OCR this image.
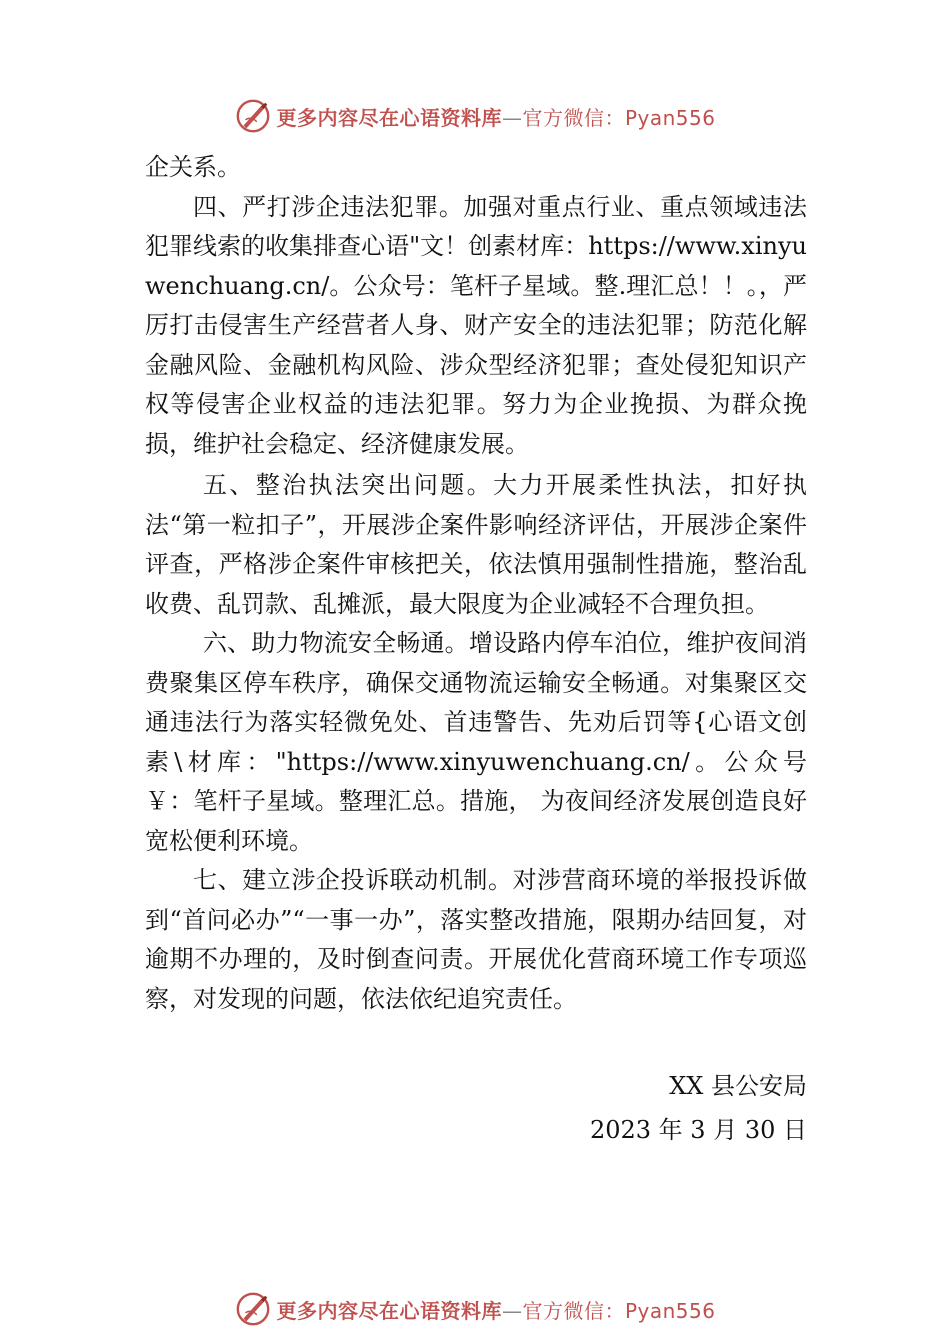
更多内容尽在心语资料库—官方微信：Pyan556

企关系。

四、严打涉企违法犯罪。加强对重点行业、重点领域违法犯罪线索的收集排查心语"文！创素材库：https://www.xinyuwenchuang.cn/。公众号：笔杆子星域。整.理汇总！！。，严厉打击侵害生产经营者人身、财产安全的违法犯罪；防范化解金融风险、金融机构风险、涉众型经济犯罪；查处侵犯知识产权等侵害企业权益的违法犯罪。努力为企业挽损、为群众挽损，维护社会稳定、经济健康发展。

五、整治执法突出问题。大力开展柔性执法，扣好执法“第一粒扣子”，开展涉企案件影响经济评估，开展涉企案件评查，严格涉企案件审核把关，依法慎用强制性措施，整治乱收费、乱罚款、乱摊派，最大限度为企业减轻不合理负担。

六、助力物流安全畅通。增设路内停车泊位，维护夜间消费聚集区停车秩序，确保交通物流运输安全畅通。对集聚区交通违法行为落实轻微免处、首违警告、先劝后罚等{心语文创素\材库："https://www.xinyuwenchuang.cn/。公众号￥：笔杆子星域。整理汇总。措施， 为夜间经济发展创造良好宽松便利环境。

七、建立涉企投诉联动机制。对涉营商环境的举报投诉做到“首问必办”“一事一办”，落实整改措施，限期办结回复，对逾期不办理的，及时倒查问责。开展优化营商环境工作专项巡察，对发现的问题，依法依纪追究责任。

XX 县公安局
2023 年 3 月 30 日
更多内容尽在心语资料库—官方微信：Pyan556
